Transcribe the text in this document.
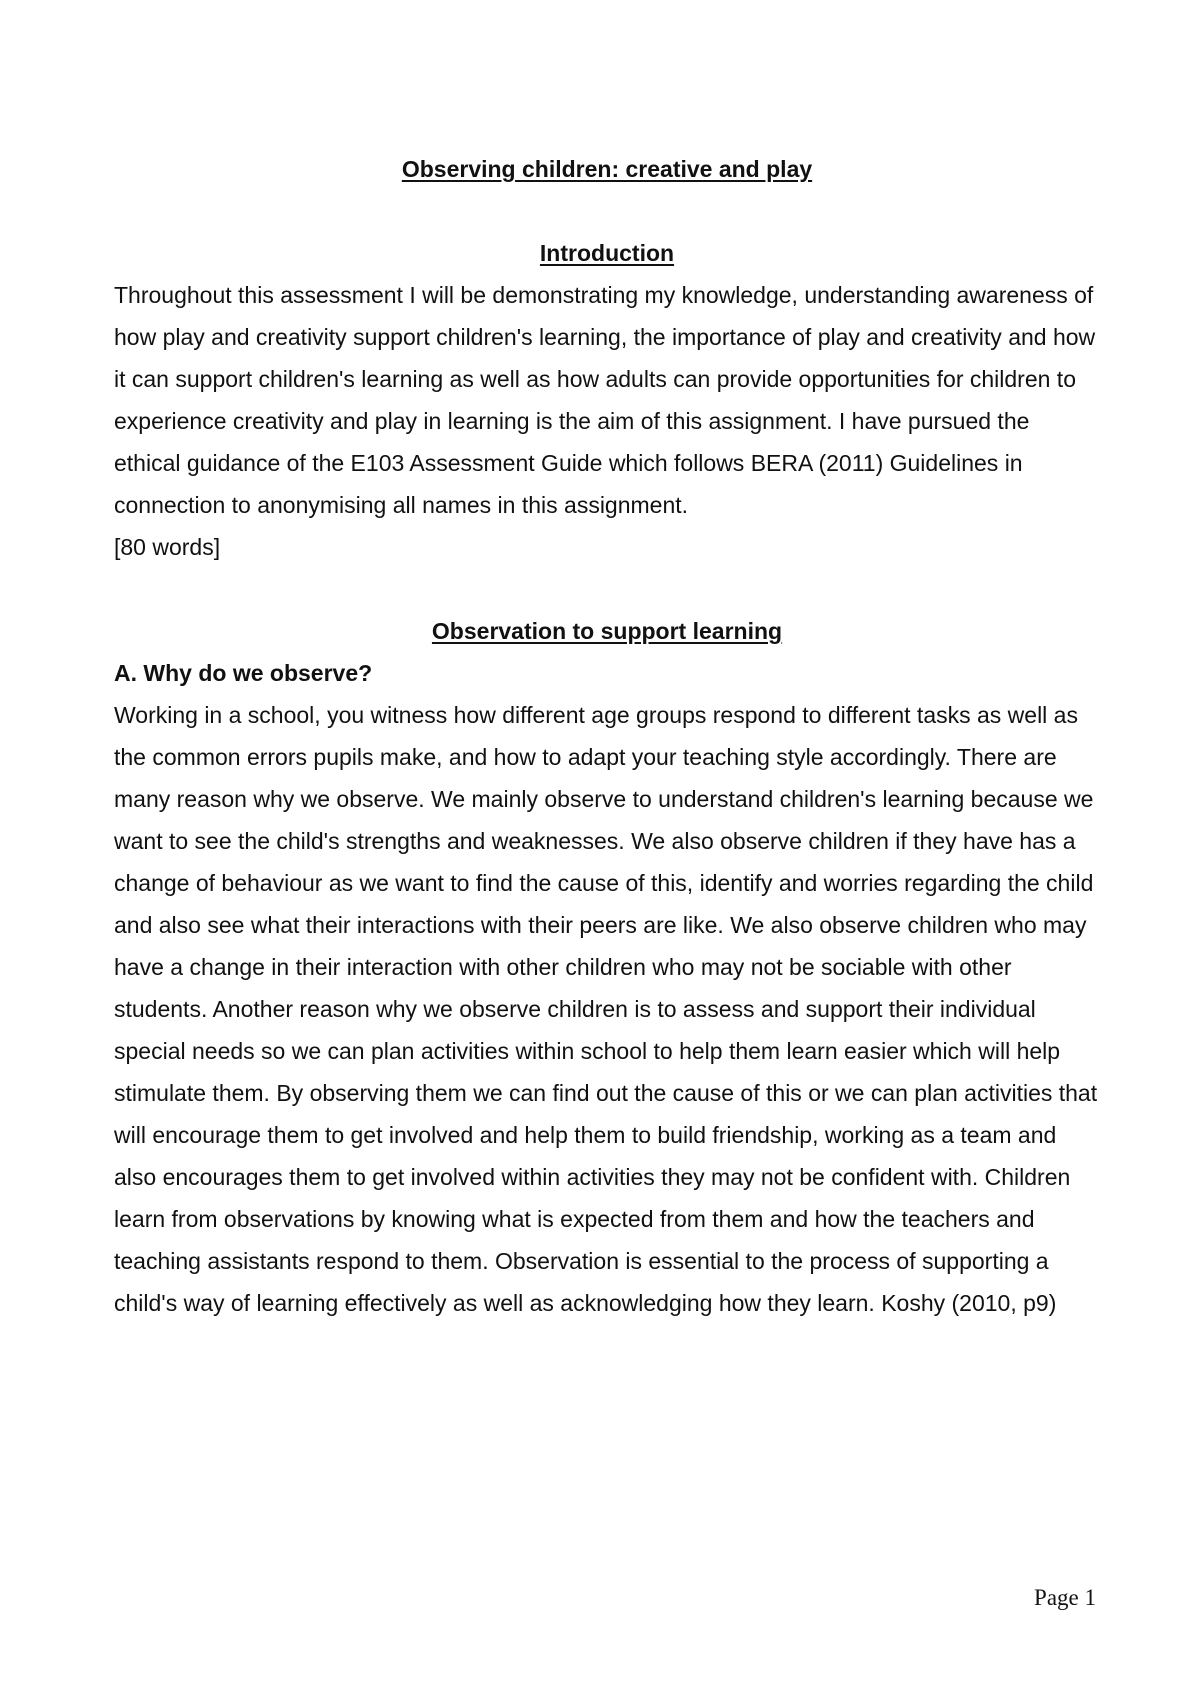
Observing children: creative and play

Introduction

Throughout this assessment I will be demonstrating my knowledge, understanding awareness of how play and creativity support children's learning, the importance of play and creativity and how it can support children's learning as well as how adults can provide opportunities for children to experience creativity and play in learning is the aim of this assignment. I have pursued the ethical guidance of the E103 Assessment Guide which follows BERA (2011) Guidelines in connection to anonymising all names in this assignment.

[80 words]

Observation to support learning

A. Why do we observe?

Working in a school, you witness how different age groups respond to different tasks as well as the common errors pupils make, and how to adapt your teaching style accordingly. There are many reason why we observe. We mainly observe to understand children's learning because we want to see the child's strengths and weaknesses. We also observe children if they have has a change of behaviour as we want to find the cause of this, identify and worries regarding the child and also see what their interactions with their peers are like. We also observe children who may have a change in their interaction with other children who may not be sociable with other students. Another reason why we observe children is to assess and support their individual special needs so we can plan activities within school to help them learn easier which will help stimulate them. By observing them we can find out the cause of this or we can plan activities that will encourage them to get involved and help them to build friendship, working as a team and also encourages them to get involved within activities they may not be confident with. Children learn from observations by knowing what is expected from them and how the teachers and teaching assistants respond to them. Observation is essential to the process of supporting a child's way of learning effectively as well as acknowledging how they learn. Koshy (2010, p9)

Page 1
